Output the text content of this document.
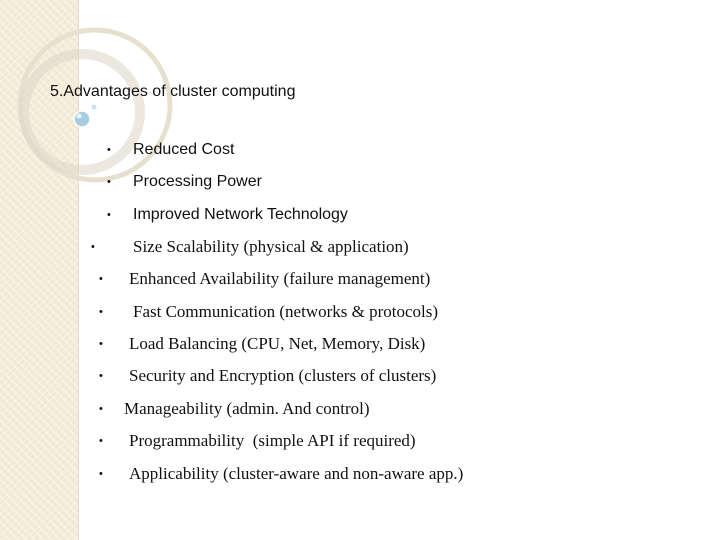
5.Advantages of cluster computing
• Reduced Cost
• Processing Power
• Improved Network Technology
• Size Scalability (physical & application)
• Enhanced Availability (failure management)
• Fast Communication (networks & protocols)
• Load Balancing (CPU, Net, Memory, Disk)
• Security and Encryption (clusters of clusters)
• Manageability (admin. And control)
• Programmability  (simple API if required)
• Applicability (cluster-aware and non-aware app.)
